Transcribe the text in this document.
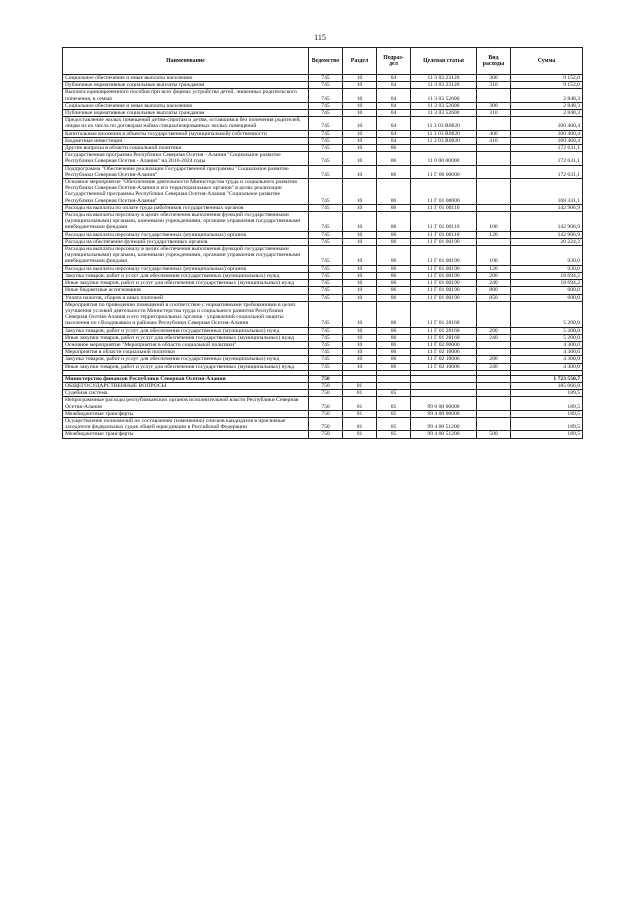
115
Наименование	Ведомство	Раздел	Подраз-дел	Целевая статья	Вид расходы	Сумма
Социальное обеспечение и иные выплаты населению	745	10	04	11 3 03 23120	300	9 152,0
Публичные нормативные социальные выплаты гражданам	745	10	04	11 3 03 23120	310	9 152,0
Выплата единовременного пособия при всех формах устройства детей, лишенных родительского попечения, в семью	745	10	04	11 3 03 52600		2 848,3
Социальное обеспечение и иные выплаты населению	745	10	04	11 3 03 52600	300	2 848,3
Публичные нормативные социальные выплаты гражданам	745	10	04	11 3 03 52600	310	2 848,3
Предоставление жилых помещений детям-сиротам и детям, оставшимся без попечения родителей, лицам из их числа по договорам найма специализированных жилых помещений	745	10	04	11 3 03 R0820		100 460,4
Капитальные вложения в объекты государственной (муниципальной) собственности	745	10	04	11 3 03 R0820	400	100 460,4
Бюджетные инвестиции	745	10	04	11 3 03 R0820	410	100 460,4
Другие вопросы в области социальной политики	745	10	06			172 631,1
Государственная программа Республики Северная Осетия - Алания "Социальное развитие Республики Северная Осетия - Алания" на 2016-2024 годы	745	10	06	11 0 00 00000		172 631,1
Подпрограмма "Обеспечение реализации Государственной программы "Социальное развитие Республики Северная Осетия-Алания"	745	10	06	11 Г 00 00000		172 631,1
Основное мероприятие "Обеспечение деятельности Министерства труда и социального развития Республики Северная Осетия-Алания и его территориальных органов" в целях реализации Государственной программы Республики Северная Осетия-Алания "Социальное развитие Республики Северная Осетия-Алания"	745	10	06	11 Г 01 00000		168 331,1
Расходы на выплаты по оплате труда работников государственных органов	745	10	06	11 Г 01 00110		142 906,9
Расходы на выплаты персоналу в целях обеспечения выполнения функций государственными (муниципальными) органами, казенными учреждениями, органами управления государственными внебюджетными фондами	745	10	06	11 Г 01 00110	100	142 906,9
Расходы на выплаты персоналу государственных (муниципальных) органов	745	10	06	11 Г 01 00110	120	142 906,9
Расходы на обеспечение функций государственных органов	745	10	06	11 Г 01 00190		20 224,2
Расходы на выплаты персоналу в целях обеспечения выполнения функций государственными (муниципальными) органами, казенными учреждениями, органами управления государственными внебюджетными фондами	745	10	06	11 Г 01 00190	100	930,0
Расходы на выплаты персоналу государственных (муниципальных) органов	745	10	06	11 Г 01 00190	120	930,0
Закупка товаров, работ и услуг для обеспечения государственных (муниципальных) нужд	745	10	06	11 Г 01 00190	200	18 694,2
Иные закупки товаров, работ и услуг для обеспечения государственных (муниципальных) нужд	745	10	06	11 Г 01 00190	240	18 694,2
Иные бюджетные ассигнования	745	10	06	11 Г 01 00190	800	600,0
Уплата налогов, сборов и иных платежей	745	10	06	11 Г 01 00190	850	600,0
Мероприятия по приведению помещений в соответствие с нормативными требованиями в целях улучшения условий деятельности Министерства труда и социального развития Республики Северная Осетия-Алания и его территориальных органов - управлений социальной защиты населения по г.Владикавказ и районам Республики Северная Осетия-Алания	745	10	06	11 Г 01 28168		5 200,0
Закупка товаров, работ и услуг для обеспечения государственных (муниципальных) нужд	745	10	06	11 Г 01 28168	200	5 200,0
Иные закупки товаров, работ и услуг для обеспечения государственных (муниципальных) нужд	745	10	06	11 Г 01 28168	240	5 200,0
Основное мероприятие "Мероприятия в области социальной политики"	745	10	06	11 Г 02 00000		4 300,0
Мероприятия в области социальной политики	745	10	06	11 Г 02 10006		4 300,0
Закупка товаров, работ и услуг для обеспечения государственных (муниципальных) нужд	745	10	06	11 Г 02 10006	200	4 300,0
Иные закупки товаров, работ и услуг для обеспечения государственных (муниципальных) нужд	745	10	06	11 Г 02 10006	240	4 300,0

Министерство финансов Республики Северная Осетия-Алания	750					1 723 550,7
ОБЩЕГОСУДАРСТВЕННЫЕ ВОПРОСЫ	750	01				185 066,8
Судебная система	750	01	05			189,5
Непрограммные расходы республиканских органов исполнительной власти Республики Северная Осетия-Алания	750	01	05	99 0 00 00000		189,5
Межбюджетные трансферты	750	01	05	99 4 00 00000		189,5
Осуществление полномочий по составлению (изменению) списков кандидатов в присяжные заседатели федеральных судов общей юрисдикции в Российской Федерации	750	01	05	99 4 00 51200		189,5
Межбюджетные трансферты	750	01	05	99 4 00 51200	500	189,5
